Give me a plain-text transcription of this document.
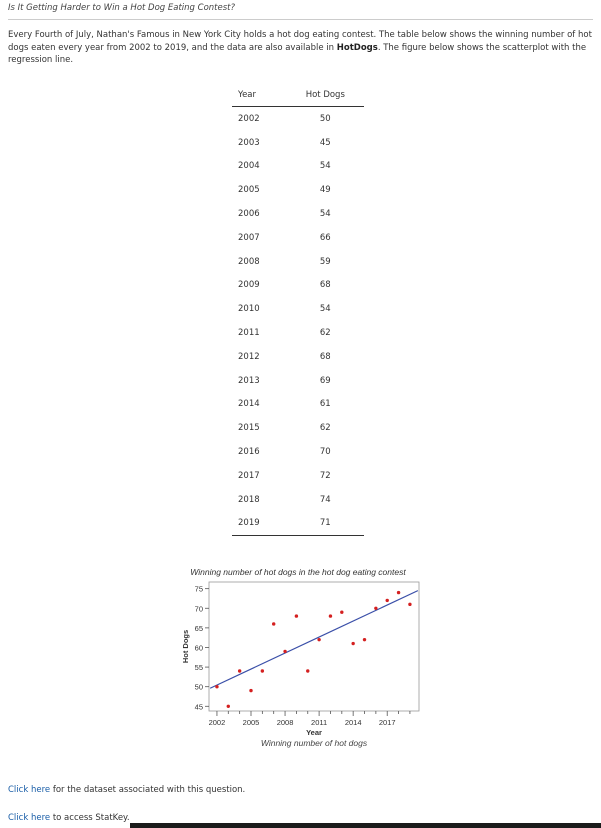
Is It Getting Harder to Win a Hot Dog Eating Contest?
Every Fourth of July, Nathan's Famous in New York City holds a hot dog eating contest. The table below shows the winning number of hot dogs eaten every year from 2002 to 2019, and the data are also available in HotDogs. The figure below shows the scatterplot with the regression line.
Year	Hot Dogs
2002	50
2003	45
2004	54
2005	49
2006	54
2007	66
2008	59
2009	68
2010	54
2011	62
2012	68
2013	69
2014	61
2015	62
2016	70
2017	72
2018	74
2019	71
Winning number of hot dogs in the hot dog eating contest
45
50
55
60
65
70
75
2002 2005 2008 2011 2014 2017
Year
Hot Dogs
Winning number of hot dogs
Click here for the dataset associated with this question.
Click here to access StatKey.
